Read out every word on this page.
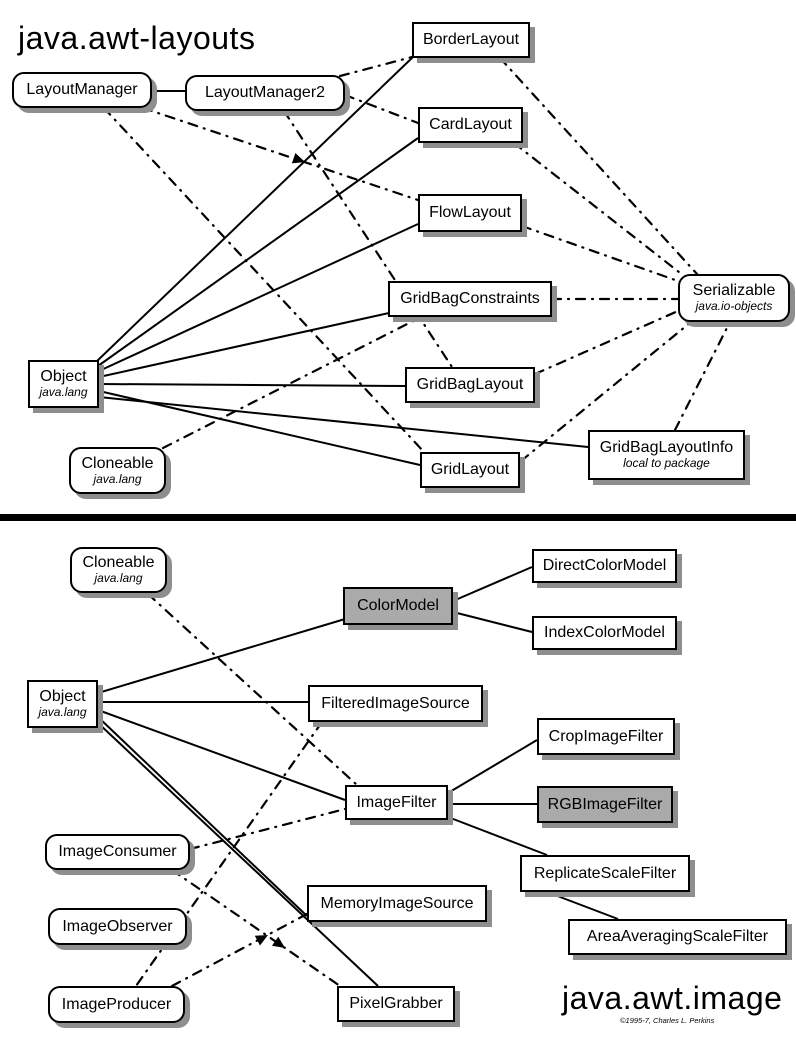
java.awt-layouts
LayoutManager	LayoutManager2
BorderLayout
CardLayout
FlowLayout
GridBagConstraints
GridBagLayout
GridLayout
GridBagLayoutInfo
local to package
Object
java.lang
Cloneable
java.lang
Serializable
java.io-objects
Cloneable
java.lang
Object
java.lang
ColorModel
DirectColorModel
IndexColorModel
FilteredImageSource
ImageFilter
CropImageFilter
RGBImageFilter
ReplicateScaleFilter
AreaAveragingScaleFilter
MemoryImageSource
PixelGrabber
ImageConsumer
ImageObserver
ImageProducer	java.awt.image
©1995-7, Charles L. Perkins
